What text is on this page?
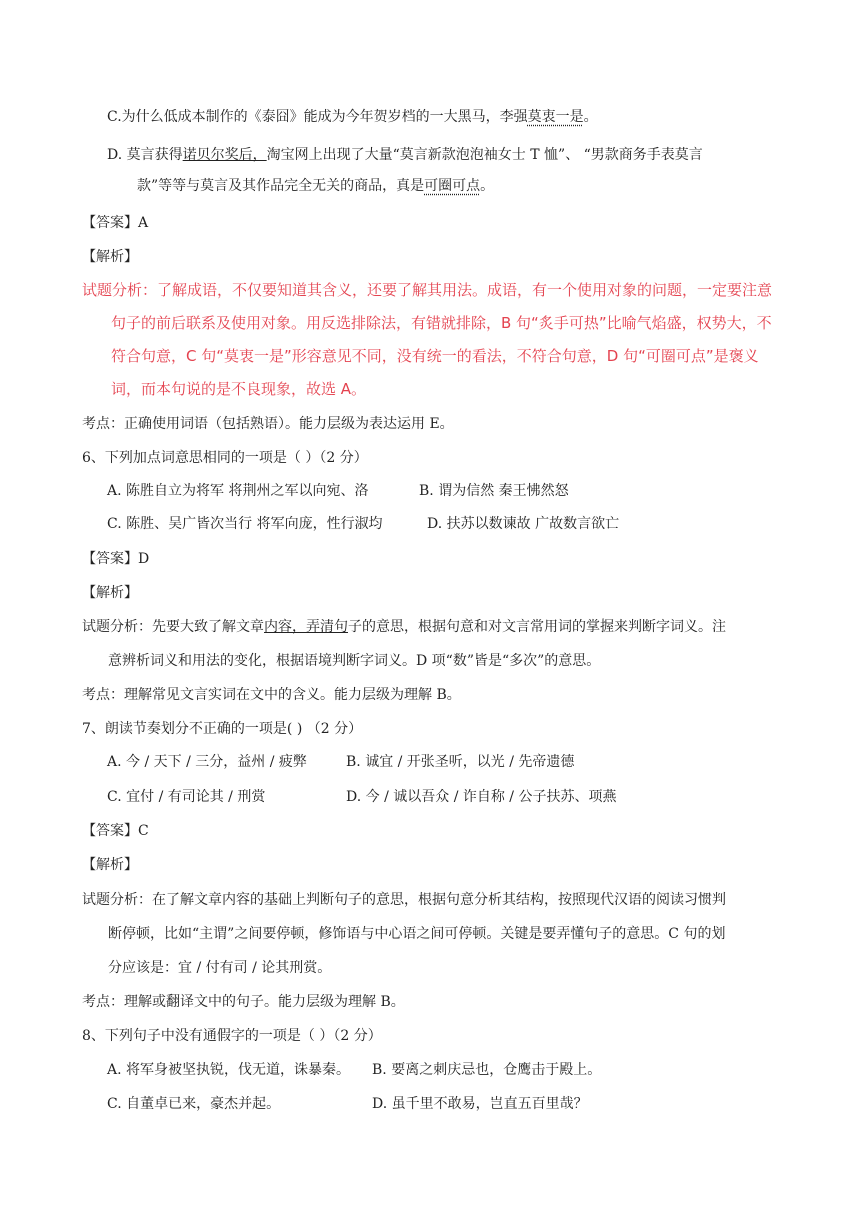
C.为什么低成本制作的《泰囧》能成为今年贺岁档的一大黑马，李强莫衷一是。
D. 莫言获得诺贝尔奖后，淘宝网上出现了大量“莫言新款泡泡袖女士 T 恤”、 “男款商务手表莫言
款”等等与莫言及其作品完全无关的商品，真是可圈可点。
【答案】A
【解析】
试题分析：了解成语，不仅要知道其含义，还要了解其用法。成语，有一个使用对象的问题，一定要注意
句子的前后联系及使用对象。用反选排除法，有错就排除，B 句“炙手可热”比喻气焰盛，权势大，不
符合句意，C 句“莫衷一是”形容意见不同，没有统一的看法，不符合句意，D 句“可圈可点”是褒义
词，而本句说的是不良现象，故选 A。
考点：正确使用词语（包括熟语）。能力层级为表达运用 E。
6、下列加点词意思相同的一项是（ ）（2 分）
A. 陈胜自立为将军 将荆州之军以向宛、洛	B. 谓为信然 秦王怫然怒
C. 陈胜、吴广皆次当行 将军向庞，性行淑均	D. 扶苏以数谏故 广故数言欲亡
【答案】D
【解析】
试题分析：先要大致了解文章内容，弄清句子的意思，根据句意和对文言常用词的掌握来判断字词义。注
意辨析词义和用法的变化，根据语境判断字词义。D 项“数”皆是“多次”的意思。
考点：理解常见文言实词在文中的含义。能力层级为理解 B。
7、朗读节奏划分不正确的一项是( ) （2 分）
A. 今 / 天下 / 三分，益州 / 疲弊	B. 诚宜 / 开张圣听，以光 / 先帝遗德
C. 宜付 / 有司论其 / 刑赏	D. 今 / 诚以吾众 / 诈自称 / 公子扶苏、项燕
【答案】C
【解析】
试题分析：在了解文章内容的基础上判断句子的意思，根据句意分析其结构，按照现代汉语的阅读习惯判
断停顿，比如“主谓”之间要停顿，修饰语与中心语之间可停顿。关键是要弄懂句子的意思。C 句的划
分应该是：宜 / 付有司 / 论其刑赏。
考点：理解或翻译文中的句子。能力层级为理解 B。
8、下列句子中没有通假字的一项是（ ）（2 分）
A. 将军身被坚执锐，伐无道，诛暴秦。 B. 要离之刺庆忌也，仓鹰击于殿上。
C. 自董卓已来，豪杰并起。	D. 虽千里不敢易，岂直五百里哉？
